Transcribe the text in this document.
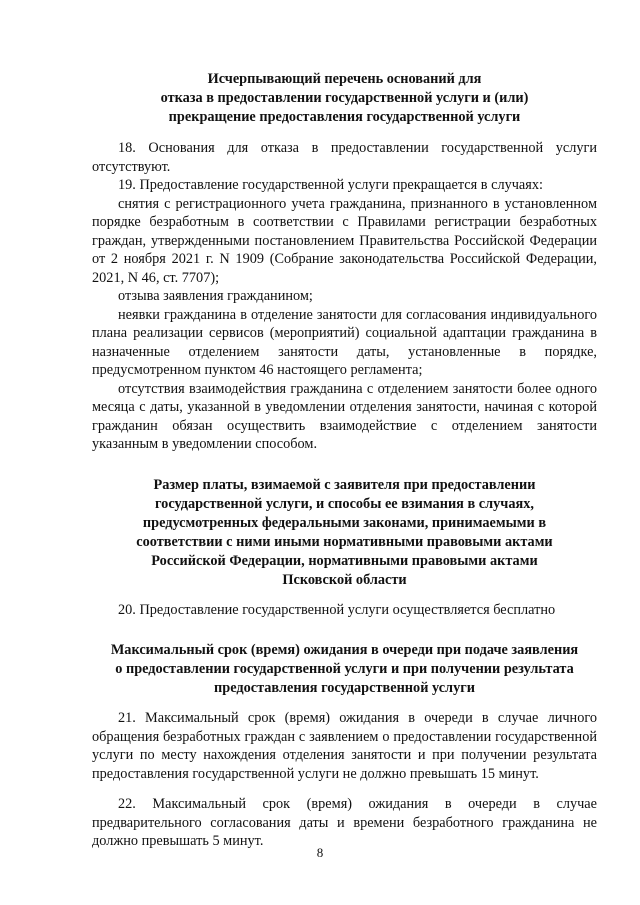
Исчерпывающий перечень оснований для
отказа в предоставлении государственной услуги и (или)
прекращение предоставления государственной услуги

18. Основания для отказа в предоставлении государственной услуги отсутствуют.

19. Предоставление государственной услуги прекращается в случаях:

снятия с регистрационного учета гражданина, признанного в установленном порядке безработным в соответствии с Правилами регистрации безработных граждан, утвержденными постановлением Правительства Российской Федерации от 2 ноября 2021 г. N 1909 (Собрание законодательства Российской Федерации, 2021, N 46, ст. 7707);

отзыва заявления гражданином;

неявки гражданина в отделение занятости для согласования индивидуального плана реализации сервисов (мероприятий) социальной адаптации гражданина в назначенные отделением занятости даты, установленные в порядке, предусмотренном пунктом 46 настоящего регламента;

отсутствия взаимодействия гражданина с отделением занятости более одного месяца с даты, указанной в уведомлении отделения занятости, начиная с которой гражданин обязан осуществить взаимодействие с отделением занятости указанным в уведомлении способом.

Размер платы, взимаемой с заявителя при предоставлении
государственной услуги, и способы ее взимания в случаях,
предусмотренных федеральными законами, принимаемыми в
соответствии с ними иными нормативными правовыми актами
Российской Федерации, нормативными правовыми актами
Псковской области

20. Предоставление государственной услуги осуществляется бесплатно

Максимальный срок (время) ожидания в очереди при подаче заявления
о предоставлении государственной услуги и при получении результата
предоставления государственной услуги

21. Максимальный срок (время) ожидания в очереди в случае личного обращения безработных граждан с заявлением о предоставлении государственной услуги по месту нахождения отделения занятости и при получении результата предоставления государственной услуги не должно превышать 15 минут.

22. Максимальный срок (время) ожидания в очереди в случае предварительного согласования даты и времени безработного гражданина не должно превышать 5 минут.

8
